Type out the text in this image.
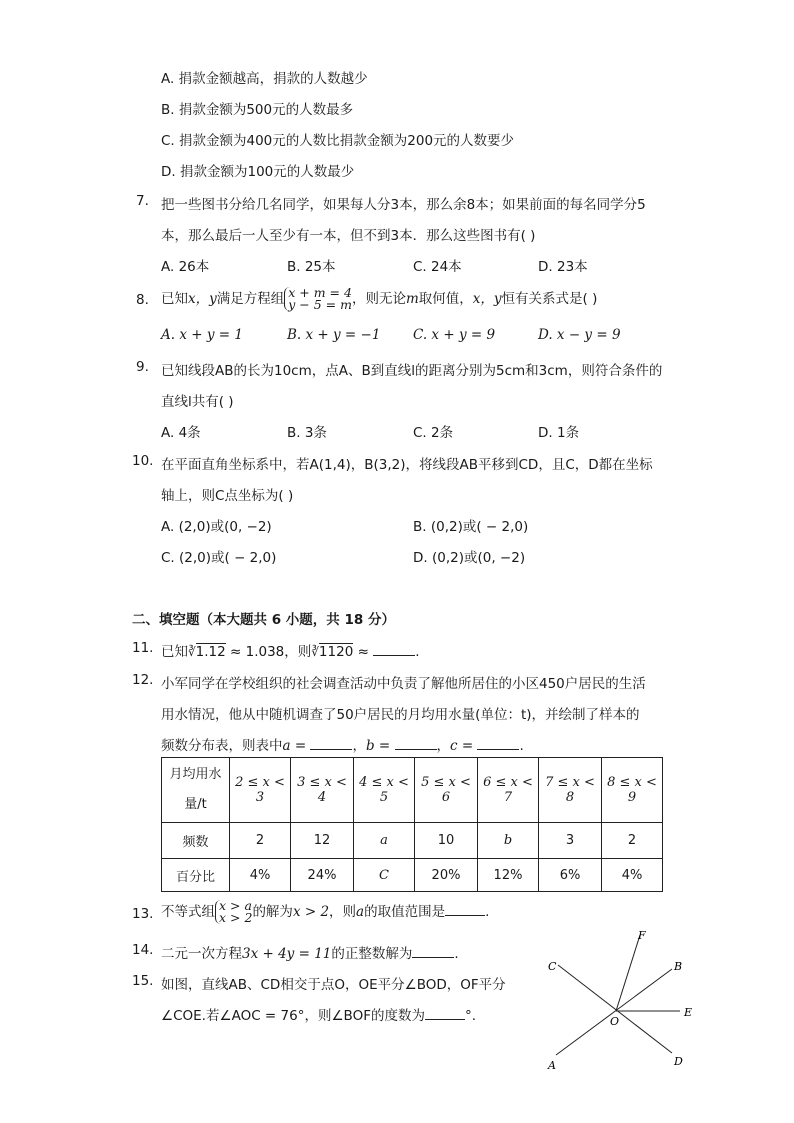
A. 捐款金额越高，捐款的人数越少
B. 捐款金额为500元的人数最多
C. 捐款金额为400元的人数比捐款金额为200元的人数要少
D. 捐款金额为100元的人数最少
7. 把一些图书分给几名同学，如果每人分3本，那么余8本；如果前面的每名同学分5
本，那么最后一人至少有一本，但不到3本．那么这些图书有( )
A. 26本	B. 25本	C. 24本	D. 23本
8. 已知x，y满足方程组 x + m = 4
y − 5 = m，则无论m取何值，x，y恒有关系式是( )
A. x + y = 1	B. x + y = −1 C. x + y = 9	D. x − y = 9
9. 已知线段AB的长为10cm，点A、B到直线l的距离分别为5cm和3cm，则符合条件的
直线l共有( )
A. 4条	B. 3条	C. 2条	D. 1条
10. 在平面直角坐标系中，若A(1,4)，B(3,2)，将线段AB平移到CD，且C，D都在坐标
轴上，则C点坐标为( )
A. (2,0)或(0, −2)	B. (0,2)或( − 2,0)
C. (2,0)或( − 2,0)	D. (0,2)或(0, −2)
二、填空题（本大题共 6 小题，共 18 分）
11. 已知∛1.12 ≈ 1.038，则∛1120 ≈	.
12. 小军同学在学校组织的社会调查活动中负责了解他所居住的小区450户居民的生活
用水情况，他从中随机调查了50户居民的月均用水量(单位：t)，并绘制了样本的
频数分布表，则表中a =	，b =	，c =	.
月均用水
量/t	2 ≤ x < 3	3 ≤ x < 4	4 ≤ x < 5	5 ≤ x < 6	6 ≤ x < 7	7 ≤ x < 8	8 ≤ x < 9
频数	2	12	a	10	b	3	2
百分比	4%	24%	C	20%	12%	6%	4%
13. 不等式组 x > a
x > 2的解为x > 2，则a的取值范围是	.
14. 二元一次方程3x + 4y = 11的正整数解为	.
15. 如图，直线AB、CD相交于点O，OE平分∠BOD，OF平分
∠COE.若∠AOC = 76°，则∠BOF的度数为	°.
F
C	B
E
O
A	D
